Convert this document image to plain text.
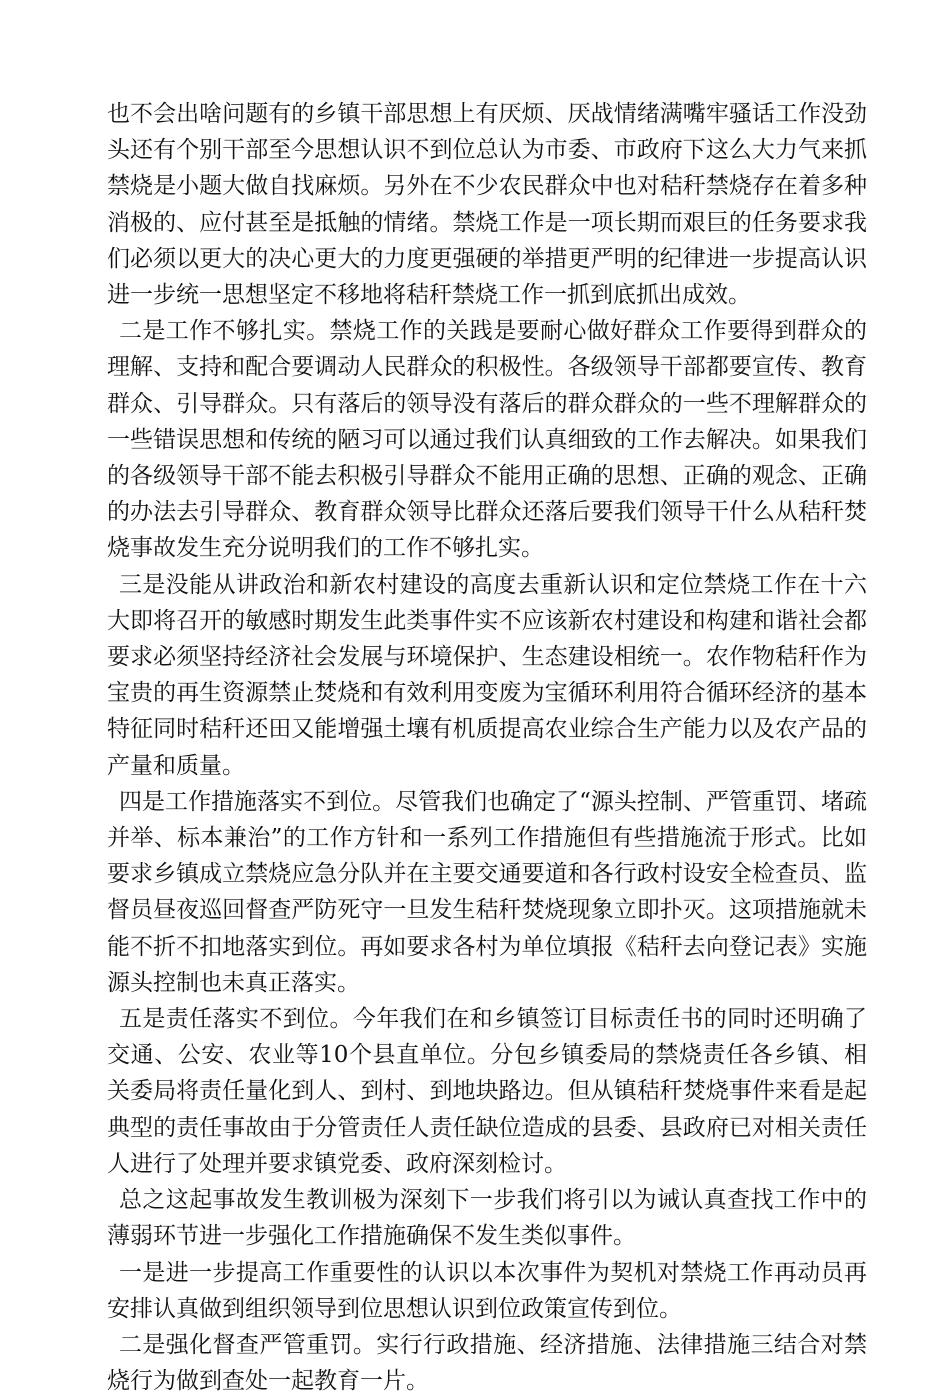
也不会出啥问题有的乡镇干部思想上有厌烦、厌战情绪满嘴牢骚话工作没劲头还有个别干部至今思想认识不到位总认为市委、市政府下这么大力气来抓禁烧是小题大做自找麻烦。另外在不少农民群众中也对秸秆禁烧存在着多种消极的、应付甚至是抵触的情绪。禁烧工作是一项长期而艰巨的任务要求我们必须以更大的决心更大的力度更强硬的举措更严明的纪律进一步提高认识进一步统一思想坚定不移地将秸秆禁烧工作一抓到底抓出成效。

二是工作不够扎实。禁烧工作的关践是要耐心做好群众工作要得到群众的理解、支持和配合要调动人民群众的积极性。各级领导干部都要宣传、教育群众、引导群众。只有落后的领导没有落后的群众群众的一些不理解群众的一些错误思想和传统的陋习可以通过我们认真细致的工作去解决。如果我们的各级领导干部不能去积极引导群众不能用正确的思想、正确的观念、正确的办法去引导群众、教育群众领导比群众还落后要我们领导干什么从秸秆焚烧事故发生充分说明我们的工作不够扎实。

三是没能从讲政治和新农村建设的高度去重新认识和定位禁烧工作在十六大即将召开的敏感时期发生此类事件实不应该新农村建设和构建和谐社会都要求必须坚持经济社会发展与环境保护、生态建设相统一。农作物秸秆作为宝贵的再生资源禁止焚烧和有效利用变废为宝循环利用符合循环经济的基本特征同时秸秆还田又能增强土壤有机质提高农业综合生产能力以及农产品的产量和质量。

四是工作措施落实不到位。尽管我们也确定了“源头控制、严管重罚、堵疏并举、标本兼治”的工作方针和一系列工作措施但有些措施流于形式。比如要求乡镇成立禁烧应急分队并在主要交通要道和各行政村设安全检查员、监督员昼夜巡回督查严防死守一旦发生秸秆焚烧现象立即扑灭。这项措施就未能不折不扣地落实到位。再如要求各村为单位填报《秸秆去向登记表》实施源头控制也未真正落实。

五是责任落实不到位。今年我们在和乡镇签订目标责任书的同时还明确了交通、公安、农业等10个县直单位。分包乡镇委局的禁烧责任各乡镇、相关委局将责任量化到人、到村、到地块路边。但从镇秸秆焚烧事件来看是起典型的责任事故由于分管责任人责任缺位造成的县委、县政府已对相关责任人进行了处理并要求镇党委、政府深刻检讨。

总之这起事故发生教训极为深刻下一步我们将引以为诫认真查找工作中的薄弱环节进一步强化工作措施确保不发生类似事件。

一是进一步提高工作重要性的认识以本次事件为契机对禁烧工作再动员再安排认真做到组织领导到位思想认识到位政策宣传到位。

二是强化督查严管重罚。实行行政措施、经济措施、法律措施三结合对禁烧行为做到查处一起教育一片。
